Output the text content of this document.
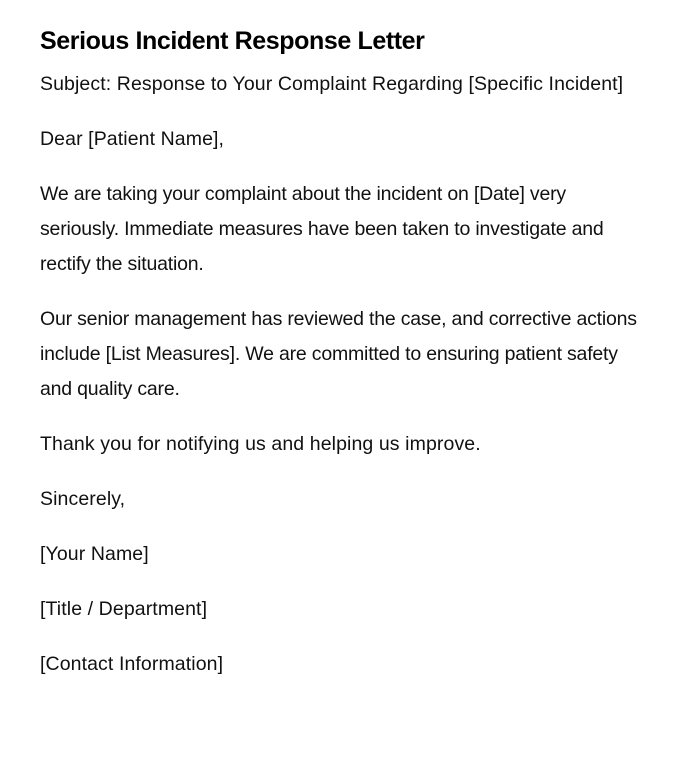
Serious Incident Response Letter

Subject: Response to Your Complaint Regarding [Specific Incident]

Dear [Patient Name],

We are taking your complaint about the incident on [Date] very seriously. Immediate measures have been taken to investigate and rectify the situation.

Our senior management has reviewed the case, and corrective actions include [List Measures]. We are committed to ensuring patient safety and quality care.

Thank you for notifying us and helping us improve.

Sincerely,

[Your Name]

[Title / Department]

[Contact Information]
